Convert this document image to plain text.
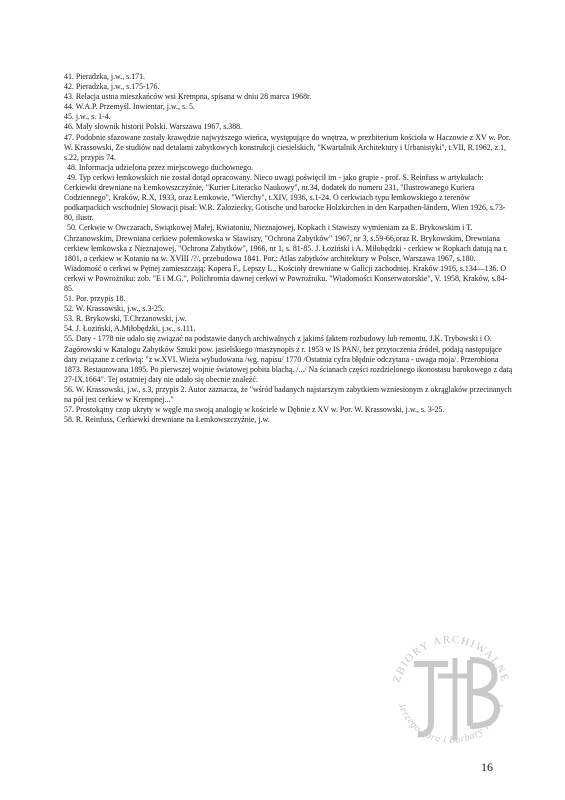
41. Pieradzka, j.w., s.171.

42. Pieradzka, j.w., s.175-176.

43. Relacja ustna mieszkańców wsi Krempna, spisana w dniu 28 marca 1968r.

44. W.A.P. Przemyśl. Inwientar, j.w., s. 5.

45. j.w., s. 1-4.

46. Mały słownik historii Polski. Warszawa 1967, s.388.

47. Podobnie sfazowane zostały krawędzie najwyższego wieńca, występujące do wnętrza, w prezbiterium kościoła w Haczowie z XV w. Por. W. Krassowski, Ze studiów nad detalami zabytkowych konstrukcji ciesielskich, "Kwartalnik Architektury i Urbanistyki", t.VII, R.1962, z.1, s.22, przypis 74.

48. Informacja udzielona przez miejscowego duchownego.

49. Typ cerkwi łemkowskich nie został dotąd opracowany. Nieco uwagi poświęcił im - jako grupie - prof. S. Reinfuss w artykułach: Cerkiewki drewniane na Łemkowszczyźnie, "Kurier Literacko Naukowy", nr.34, dodatek do numeru 231, "Ilustrowanego Kuriera Codziennego", Kraków, R.X, 1933, oraz Łemkowie, "Wierchy", t.XIV, 1936, s.1-24. O cerkwiach typu łemkowskiego z terenów podkarpackich wschodniej Słowacji pisał: W.R. Zaloziecky, Gotische und barocke Holzkirchen in den Karpathen-ländern, Wien 1926, s.73-80, ilustr.

50. Cerkwie w Owczarach, Swiątkowej Małej, Kwiatoniu, Nieznajowej, Kopkach i Stawiszy wymieniam za E. Brykowskim i T. Chrzanowskim, Drewniana cerkiew połemkowska w Stawiszy, "Ochrona Zabytków" 1967, nr 3, s.59-66,oraz R. Brykowskim, Drewniana cerkiew łemkowska z Nieznajowej, "Ochrona Zabytków", 1966, nr 1, s. 81-85. J. Łoziński i A. Miłobędzki - cerkiew w Ropkach datują na r. 1801, a cerkiew w Kotaniu na w. XVIII /?/, przebudowa 1841. Por.: Atlas zabytków architektury w Polsce, Warszawa 1967, s.180. Wiadomość o cerkwi w Pętnej zamieszczają: Kopera F., Lepszy L., Kościoły drewniane w Galicji zachodniej. Kraków 1916, s.134—136. O cerkwi w Powroźniku: zob. "E i M.G.", Polichromia dawnej cerkwi w Powroźniku. "Wiadomości Konserwatorskie", V. 1958, Kraków, s.84-85.

51. Por. przypis 18.

52. W. Krassowski, j.w., s.3-25.

53. R. Brykowski, T.Chrzanowski, j.w.

54. J. Łoziński, A.Miłobędzki, j.w., s.111.

55. Daty - 1778 nie udało się związać na podstawie danych archiwalnych z jakimś faktem rozbudowy lub remontu. J.K. Trybowski i O. Zagórowski w Katalogu Zabytków Sztuki pow. jasielskiego /maszynopis z r. 1953 w IS PAN/, bez przytoczenia źródeł, podają następujące daty związane z cerkwią: "z w.XVI. Wieża wybudowana /wg. napisu/ 1770 /Ostatnia cyfra błędnie odczytana - uwaga moja/. Przerobiona 1873. Restaurowana 1895. Po pierwszej wojnie światowej pobita blachą. /.../ Na ścianach części rozdzielonego ikonostasu barokowego z datą 27-IX.1664". Tej ostatniej daty nie udało się obecnie znaleźć.

56. W. Krassowski, j.w., s.3, przypis 2. Autor zaznacza, że "wśród badanych najstarszym zabytkiem wzniesionym z okrąglaków przecinanych na pół jest cerkiew w Krempnej..."

57. Prostokątny czop ukryty w węgle ma swoją analogię w kościele w Dębnie z XV w. Por. W. Krassowski, j.w., s. 3-25.

58. R. Reinfuss, Cerkiewki drewniane na Łemkowszczyźnie, j.w.

ZBIORY ARCHIWALNE
Jerzego Tura i Barbary Tondos
16
